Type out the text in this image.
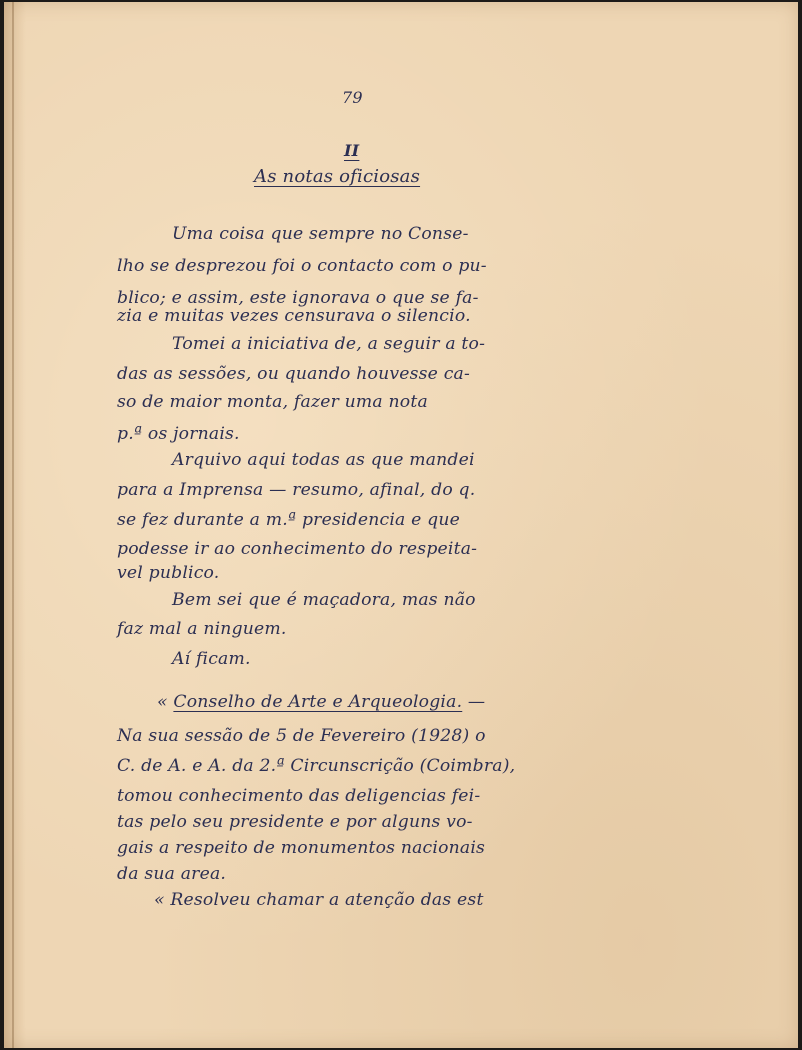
79
II
As notas oficiosas
Uma coisa que sempre no Conse-
lho se desprezou foi o contacto com o pu-
blico; e assim, este ignorava o que se fa-
zia e muitas vezes censurava o silencio.
Tomei a iniciativa de, a seguir a to-
das as sessões, ou quando houvesse ca-
so de maior monta, fazer uma nota
p.ª os jornais.
Arquivo aqui todas as que mandei
para a Imprensa — resumo, afinal, do q.
se fez durante a m.ª presidencia e que
podesse ir ao conhecimento do respeita-
vel publico.
Bem sei que é maçadora, mas não
faz mal a ninguem.
Aí ficam.
« Conselho de Arte e Arqueologia. —
Na sua sessão de 5 de Fevereiro (1928) o
C. de A. e A. da 2.ª Circunscrição (Coimbra),
tomou conhecimento das deligencias fei-
tas pelo seu presidente e por alguns vo-
gais a respeito de monumentos nacionais
da sua area.
« Resolveu chamar a atenção das est
